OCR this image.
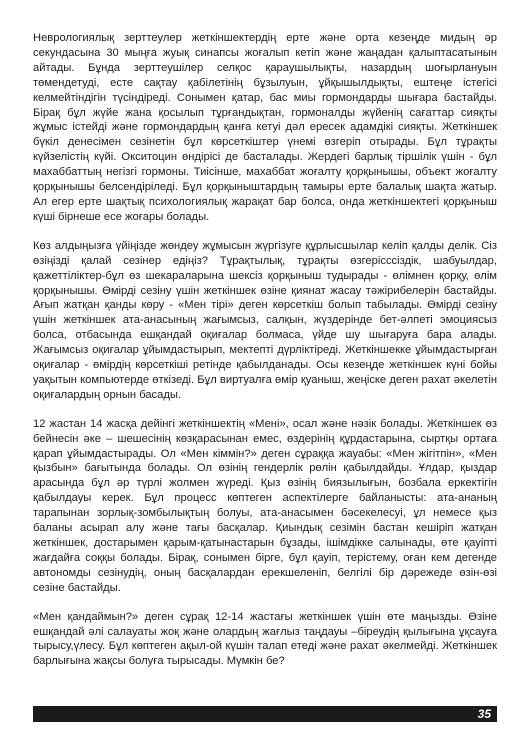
Неврологиялық зерттеулер жеткіншектердің ерте және орта кезеңде мидың әр секундасына 30 мыңға жуық синапсы жоғалып кетіп және жаңадан қалыптасатынын айтады. Бұнда зерттеушілер селқос қараушылықты, назардың шоғырлануын төмендетуді, есте сақтау қабілетінің бұзылуын, ұйқышылдықты, ештеңе істегісі келмейтіндігін түсіндіреді. Сонымен қатар, бас миы гормондарды шығара бастайды. Бірақ бұл жүйе жана қосылып тұрғандықтан, гормоналды жүйенің сағаттар сияқты жұмыс істейді және гормондардың қанға кетуі дәл ересек адамдікі сияқты. Жеткіншек бүкіл денесімен сезінетін бұл көрсеткіштер үнемі өзгеріп отырады. Бұл тұрақты күйзелістің күйі. Окситоцин өндірісі де басталады. Жердегі барлық тіршілік үшін - бұл махаббаттың негізгі гормоны. Тиісінше, махаббат жоғалту қорқынышы, объект жоғалту қорқынышы белсендіріледі. Бұл қорқыныштардың тамыры ерте балалық шақта жатыр. Ал егер ерте шақтық психологиялық жарақат бар болса, онда жеткіншектегі қорқыныш күші бірнеше есе жоғары болады.

Көз алдыңызға үйіңізде жөндеу жұмысын жүргізуге құрлысшылар келіп қалды делік. Сіз өзіңізді қалай сезінер едіңіз? Тұрақтылық, тұрақты өзгерісссіздік, шабуылдар, қажеттіліктер-бұл өз шекараларына шексіз қорқыныш тудырады - өлімнен қорқу, өлім қорқынышы. Өмірді сезіну үшін жеткіншек өзіне қиянат жасау тәжірибелерін бастайды. Ағып жатқан қанды көру - «Мен тірі» деген көрсеткіш болып табылады. Өмірді сезіну үшін жеткіншек ата-анасының жағымсыз, салқын, жүздерінде бет-әлпеті эмоциясыз болса, отбасында ешқандай оқиғалар болмаса, үйде шу шығаруға бара алады. Жағымсыз оқиғалар ұйымдастырып, мектепті дүрліктіреді. Жеткіншекке ұйымдастырған оқиғалар - өмірдің көрсеткіші ретінде қабылданады. Осы кезеңде жеткіншек күні бойы уақытын компьютерде өткізеді. Бұл виртуалға өмір қуаныш, жеңіске деген рахат әкелетін оқиғалардың орнын басады.

12 жастан 14 жасқа дейінгі жеткіншектің «Мені», осал және нәзік болады. Жеткіншек өз бейнесін әке – шешесінің көзқарасынан емес, өздерінің құрдастарына, сыртқы ортаға қарап ұйымдастырады. Ол «Мен кіммін?» деген сұраққа жауабы: «Мен жігітпін», «Мен қызбын» бағытында болады. Ол өзінің гендерлік рөлін қабылдайды. Ұлдар, қыздар арасында бұл әр түрлі жолмен жүреді. Қыз өзінің биязылығын, бозбала еркектігін қабылдауы керек. Бұл процесс көптеген аспектілерге байланысты: ата-ананың тарапынан зорлық-зомбылықтың болуы, ата-анасымен бәсекелесуі, ұл немесе қыз баланы асырап алу және тағы басқалар. Қиындық сезімін бастан кешіріп жатқан жеткіншек, достарымен қарым-қатынастарын бұзады, ішімдікке салынады, өте қауіпті жағдайға соққы болады. Бірақ, сонымен бірге, бұл қауіп, терістему, оған кем дегенде автономды сезінудің, оның басқалардан ерекшеленіп, белгілі бір дәрежеде өзін-өзі сезіне бастайды.

«Мен қандаймын?» деген сұрақ 12-14 жастағы жеткіншек үшін өте маңызды. Өзіне ешқандай әлі салауаты жоқ және олардың жағлыз таңдауы –біреудің қылығына ұқсауға тырысу,үлесу. Бұл көптеген ақыл-ой күшін талап етеді және рахат әкелмейді. Жеткіншек барлығына жақсы болуға тырысады. Мүмкін бе?

35
